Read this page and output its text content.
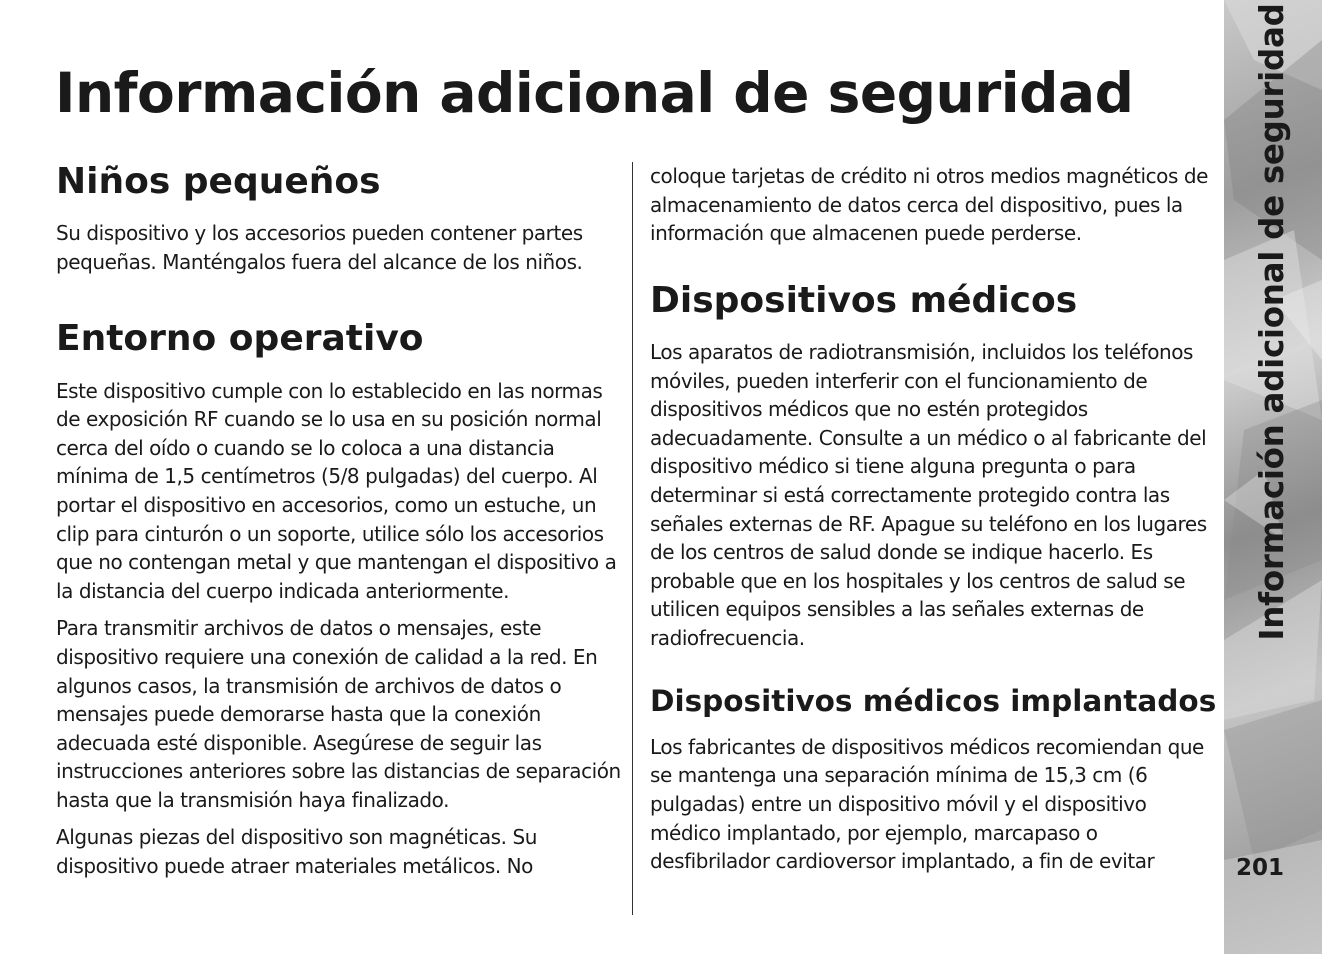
Información adicional de seguridad
Niños pequeños

Su dispositivo y los accesorios pueden contener partes pequeñas. Manténgalos fuera del alcance de los niños.

Entorno operativo

Este dispositivo cumple con lo establecido en las normas de exposición RF cuando se lo usa en su posición normal cerca del oído o cuando se lo coloca a una distancia mínima de 1,5 centímetros (5/8 pulgadas) del cuerpo. Al portar el dispositivo en accesorios, como un estuche, un clip para cinturón o un soporte, utilice sólo los accesorios que no contengan metal y que mantengan el dispositivo a la distancia del cuerpo indicada anteriormente.

Para transmitir archivos de datos o mensajes, este dispositivo requiere una conexión de calidad a la red. En algunos casos, la transmisión de archivos de datos o mensajes puede demorarse hasta que la conexión adecuada esté disponible. Asegúrese de seguir las instrucciones anteriores sobre las distancias de separación hasta que la transmisión haya finalizado.

Algunas piezas del dispositivo son magnéticas. Su dispositivo puede atraer materiales metálicos. No

coloque tarjetas de crédito ni otros medios magnéticos de almacenamiento de datos cerca del dispositivo, pues la información que almacenen puede perderse.

Dispositivos médicos

Los aparatos de radiotransmisión, incluidos los teléfonos móviles, pueden interferir con el funcionamiento de dispositivos médicos que no estén protegidos adecuadamente. Consulte a un médico o al fabricante del dispositivo médico si tiene alguna pregunta o para determinar si está correctamente protegido contra las señales externas de RF. Apague su teléfono en los lugares de los centros de salud donde se indique hacerlo. Es probable que en los hospitales y los centros de salud se utilicen equipos sensibles a las señales externas de radiofrecuencia.

Dispositivos médicos implantados

Los fabricantes de dispositivos médicos recomiendan que se mantenga una separación mínima de 15,3 cm (6 pulgadas) entre un dispositivo móvil y el dispositivo médico implantado, por ejemplo, marcapaso o desfibrilador cardioversor implantado, a fin de evitar

Información adicional de seguridad
201
